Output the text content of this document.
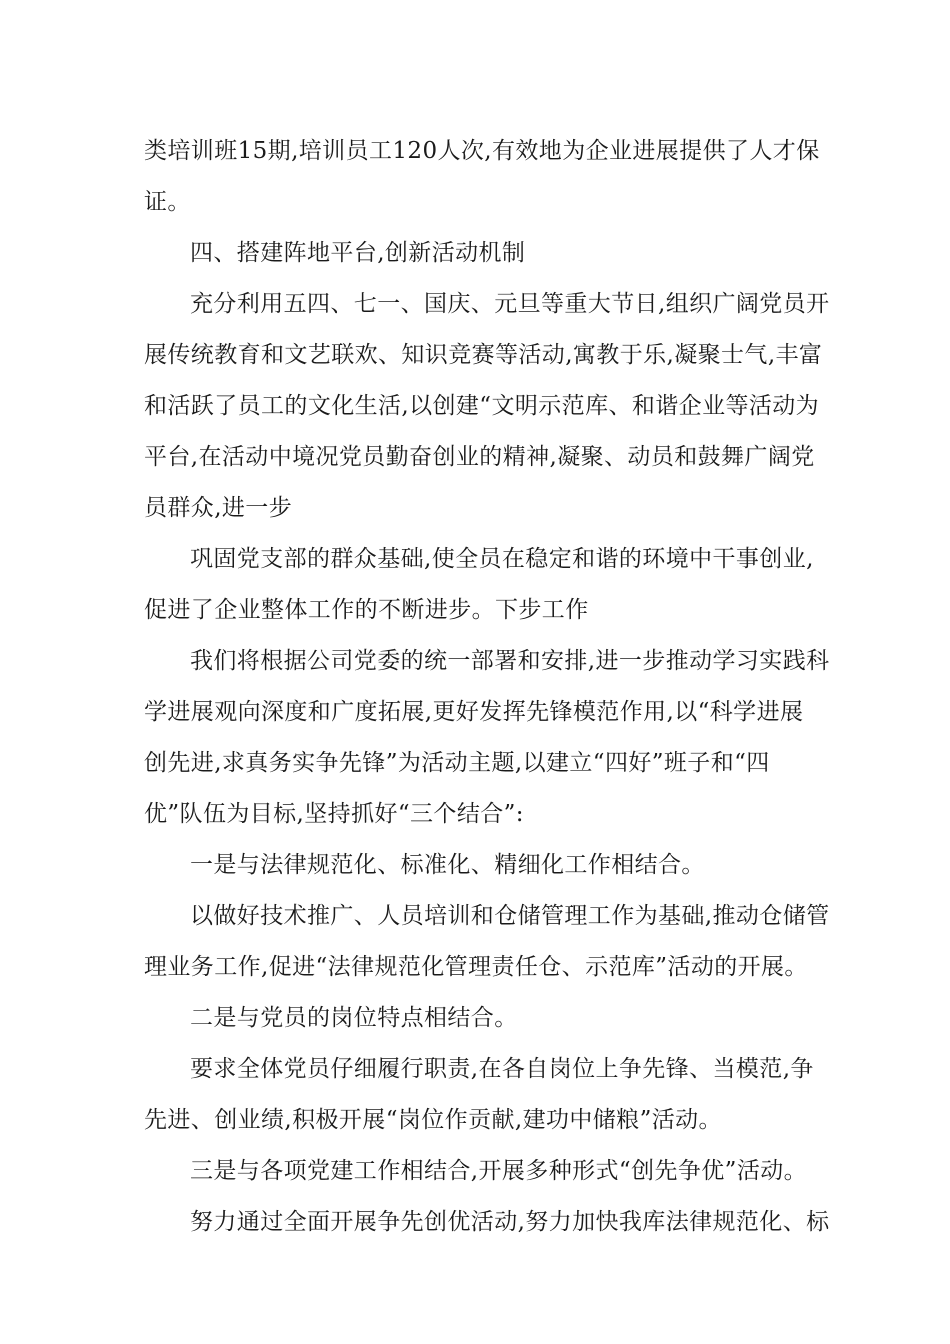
类培训班15期,培训员工120人次,有效地为企业进展提供了人才保
证。
四、搭建阵地平台,创新活动机制
充分利用五四、七一、国庆、元旦等重大节日,组织广阔党员开
展传统教育和文艺联欢、知识竞赛等活动,寓教于乐,凝聚士气,丰富
和活跃了员工的文化生活,以创建“文明示范库、和谐企业等活动为
平台,在活动中境况党员勤奋创业的精神,凝聚、动员和鼓舞广阔党
员群众,进一步
巩固党支部的群众基础,使全员在稳定和谐的环境中干事创业,
促进了企业整体工作的不断进步。下步工作
我们将根据公司党委的统一部署和安排,进一步推动学习实践科
学进展观向深度和广度拓展,更好发挥先锋模范作用,以“科学进展
创先进,求真务实争先锋”为活动主题,以建立“四好”班子和“四
优”队伍为目标,坚持抓好“三个结合”:
一是与法律规范化、标准化、精细化工作相结合。
以做好技术推广、人员培训和仓储管理工作为基础,推动仓储管
理业务工作,促进“法律规范化管理责任仓、示范库”活动的开展。
二是与党员的岗位特点相结合。
要求全体党员仔细履行职责,在各自岗位上争先锋、当模范,争
先进、创业绩,积极开展“岗位作贡献,建功中储粮”活动。
三是与各项党建工作相结合,开展多种形式“创先争优”活动。
努力通过全面开展争先创优活动,努力加快我库法律规范化、标
